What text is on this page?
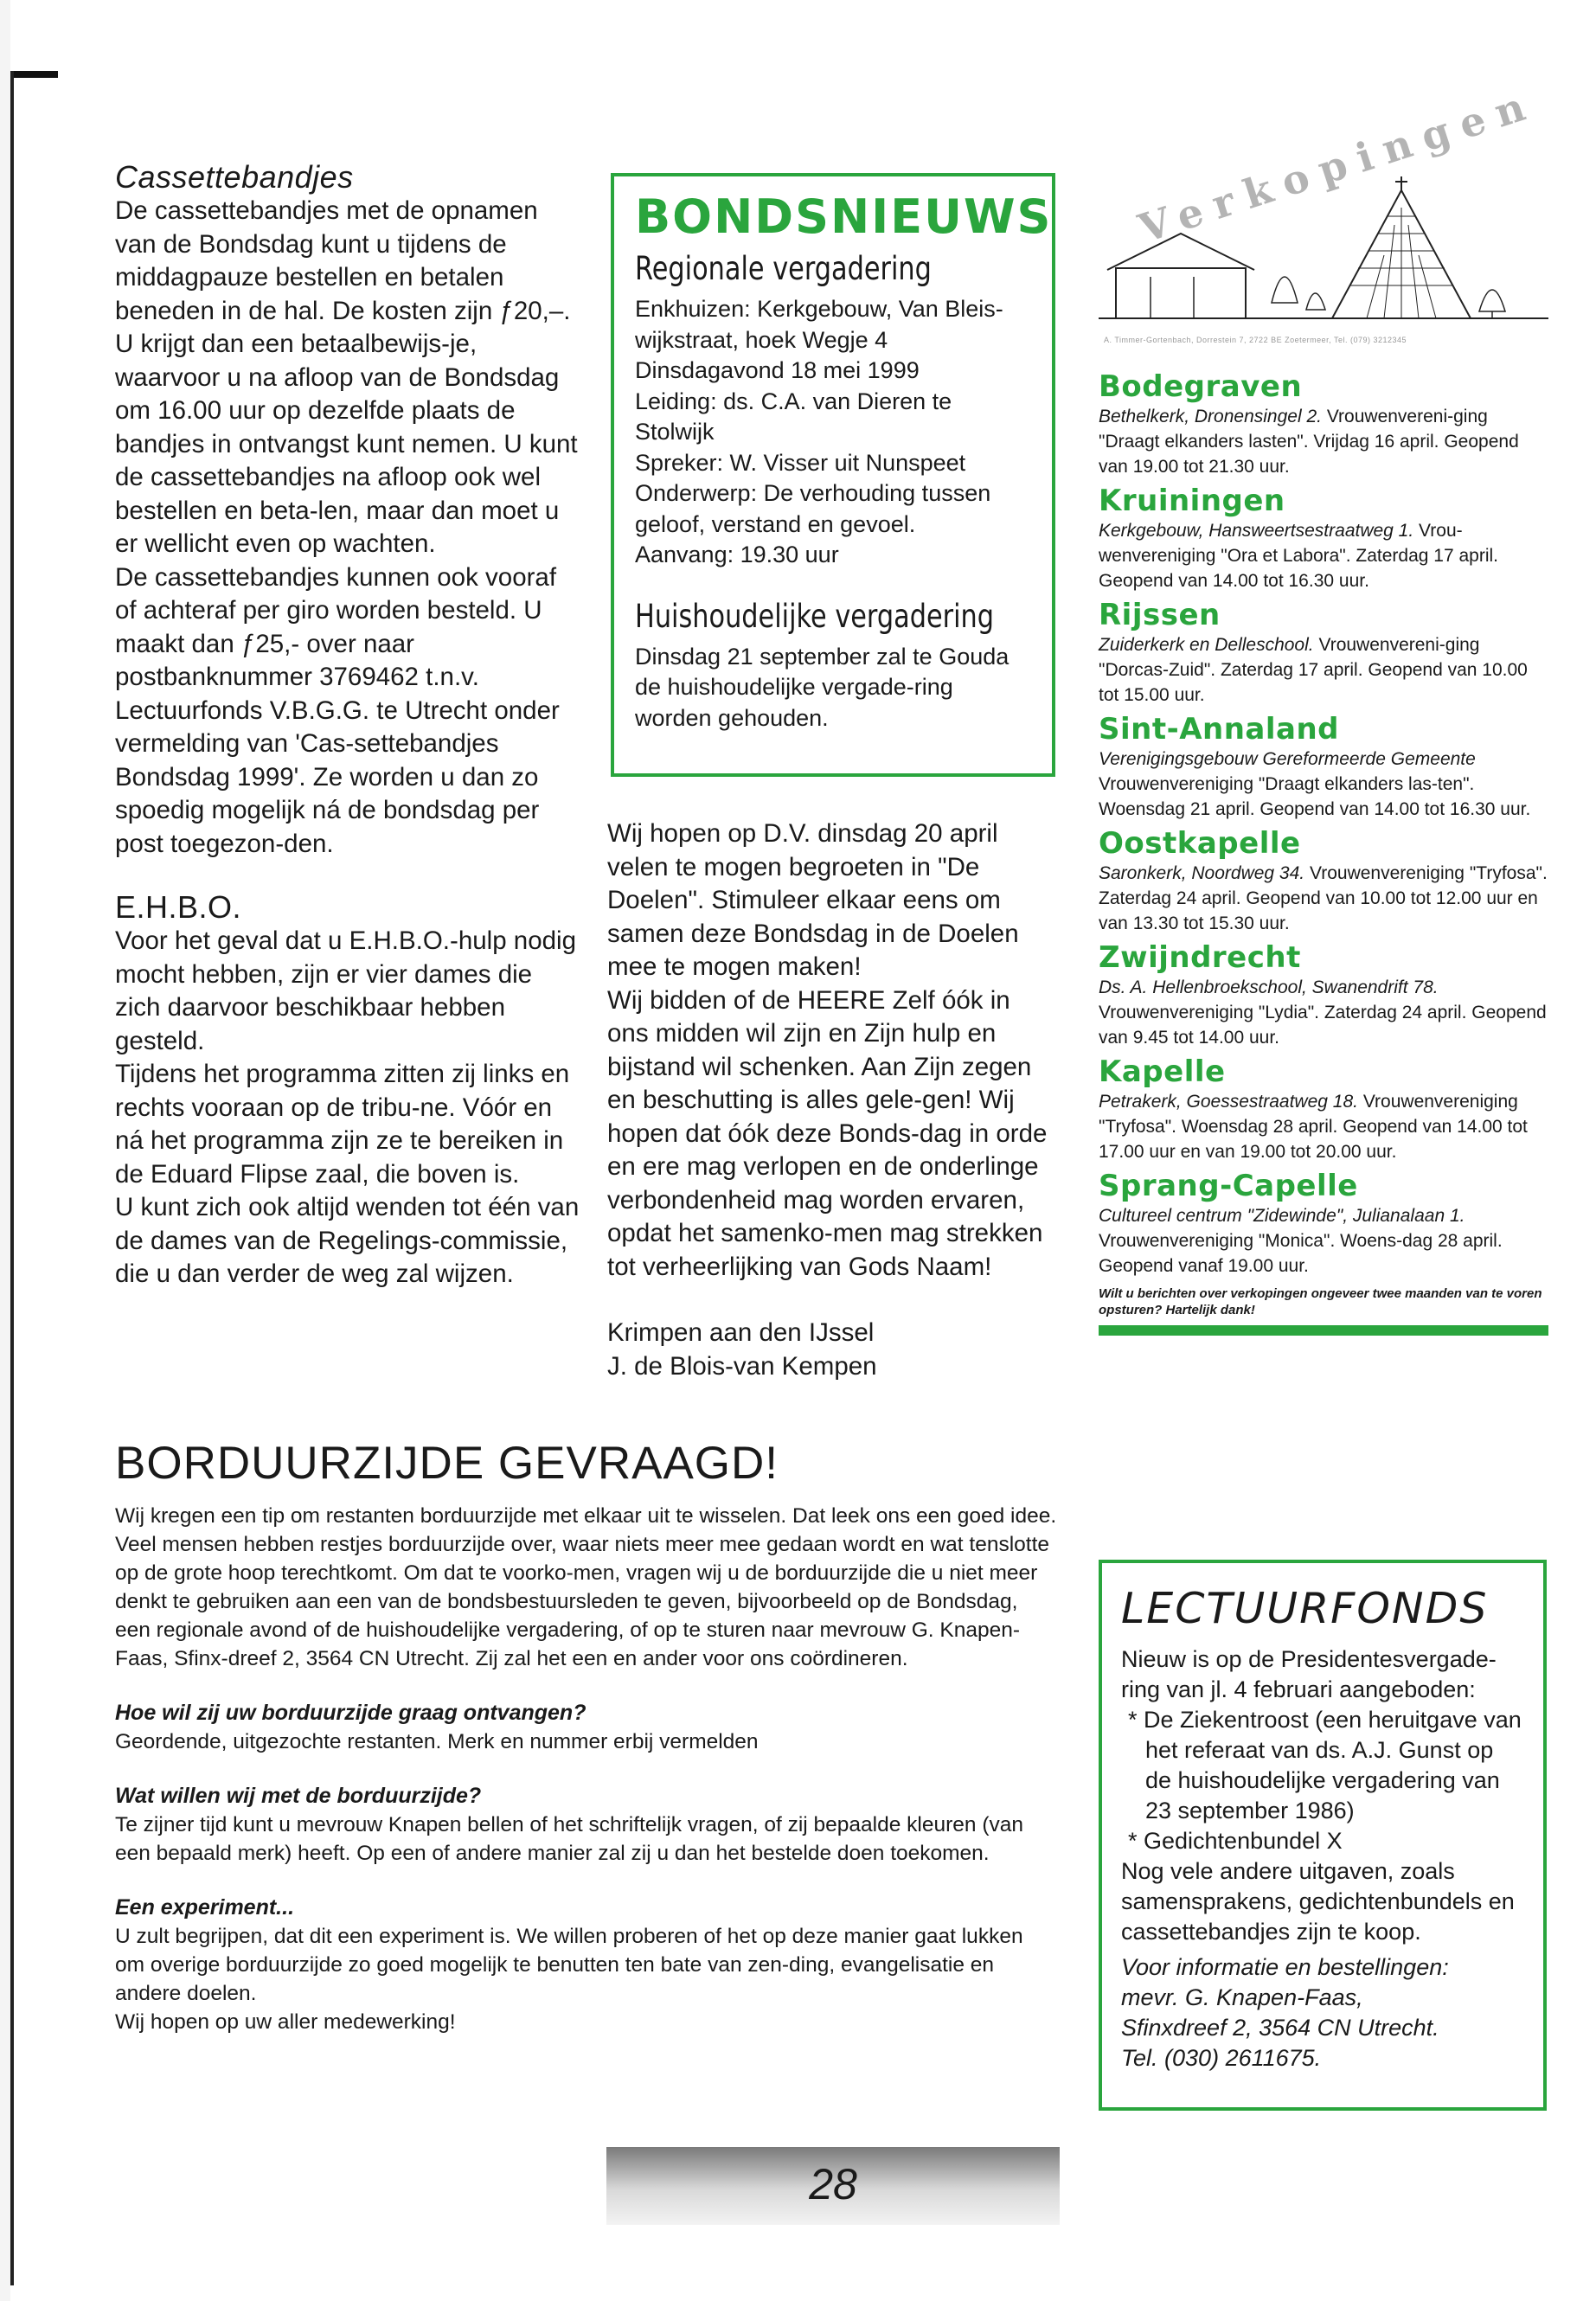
Cassettebandjes

De cassettebandjes met de opnamen van de Bondsdag kunt u tijdens de middagpauze bestellen en betalen beneden in de hal. De kosten zijn ƒ20,–. U krijgt dan een betaalbewijs-je, waarvoor u na afloop van de Bondsdag om 16.00 uur op dezelfde plaats de bandjes in ontvangst kunt nemen. U kunt de cassettebandjes na afloop ook wel bestellen en beta-len, maar dan moet u er wellicht even op wachten.

De cassettebandjes kunnen ook vooraf of achteraf per giro worden besteld. U maakt dan ƒ25,- over naar postbanknummer 3769462 t.n.v. Lectuurfonds V.B.G.G. te Utrecht onder vermelding van 'Cas-settebandjes Bondsdag 1999'. Ze worden u dan zo spoedig mogelijk ná de bondsdag per post toegezon-den.

E.H.B.O.

Voor het geval dat u E.H.B.O.-hulp nodig mocht hebben, zijn er vier dames die zich daarvoor beschikbaar hebben gesteld.

Tijdens het programma zitten zij links en rechts vooraan op de tribu-ne. Vóór en ná het programma zijn ze te bereiken in de Eduard Flipse zaal, die boven is.

U kunt zich ook altijd wenden tot één van de dames van de Regelings-commissie, die u dan verder de weg zal wijzen.

BONDSNIEUWS
Regionale vergadering

Enkhuizen: Kerkgebouw, Van Bleis-wijkstraat, hoek Wegje 4

Dinsdagavond 18 mei 1999

Leiding: ds. C.A. van Dieren te Stolwijk

Spreker: W. Visser uit Nunspeet

Onderwerp: De verhouding tussen geloof, verstand en gevoel.

Aanvang: 19.30 uur

Huishoudelijke vergadering

Dinsdag 21 september zal te Gouda de huishoudelijke vergade-ring worden gehouden.

Wij hopen op D.V. dinsdag 20 april velen te mogen begroeten in "De Doelen". Stimuleer elkaar eens om samen deze Bondsdag in de Doelen mee te mogen maken!

Wij bidden of de HEERE Zelf óók in ons midden wil zijn en Zijn hulp en bijstand wil schenken. Aan Zijn zegen en beschutting is alles gele-gen! Wij hopen dat óók deze Bonds-dag in orde en ere mag verlopen en de onderlinge verbondenheid mag worden ervaren, opdat het samenko-men mag strekken tot verheerlijking van Gods Naam!

Krimpen aan den IJssel

J. de Blois-van Kempen

Verkopingen
A. Timmer-Gortenbach, Dorrestein 7, 2722 BE Zoetermeer, Tel. (079) 3212345
Bodegraven

Bethelkerk, Dronensingel 2. Vrouwenvereni-ging "Draagt elkanders lasten". Vrijdag 16 april. Geopend van 19.00 tot 21.30 uur.

Kruiningen

Kerkgebouw, Hansweertsestraatweg 1. Vrou-wenvereniging "Ora et Labora". Zaterdag 17 april. Geopend van 14.00 tot 16.30 uur.

Rijssen

Zuiderkerk en Delleschool. Vrouwenvereni-ging "Dorcas-Zuid". Zaterdag 17 april. Geopend van 10.00 tot 15.00 uur.

Sint-Annaland

Verenigingsgebouw Gereformeerde Gemeente Vrouwenvereniging "Draagt elkanders las-ten". Woensdag 21 april. Geopend van 14.00 tot 16.30 uur.

Oostkapelle

Saronkerk, Noordweg 34. Vrouwenvereniging "Tryfosa". Zaterdag 24 april. Geopend van 10.00 tot 12.00 uur en van 13.30 tot 15.30 uur.

Zwijndrecht

Ds. A. Hellenbroekschool, Swanendrift 78. Vrouwenvereniging "Lydia". Zaterdag 24 april. Geopend van 9.45 tot 14.00 uur.

Kapelle

Petrakerk, Goessestraatweg 18. Vrouwenvereniging "Tryfosa". Woensdag 28 april. Geopend van 14.00 tot 17.00 uur en van 19.00 tot 20.00 uur.

Sprang-Capelle

Cultureel centrum "Zidewinde", Julianalaan 1. Vrouwenvereniging "Monica". Woens-dag 28 april. Geopend vanaf 19.00 uur.

Wilt u berichten over verkopingen ongeveer twee maanden van te voren opsturen? Hartelijk dank!
LECTUURFONDS

Nieuw is op de Presidentesvergade-ring van jl. 4 februari aangeboden:

* De Ziekentroost (een heruitgave van het referaat van ds. A.J. Gunst op de huishoudelijke vergadering van 23 september 1986)
* Gedichtenbundel X

Nog vele andere uitgaven, zoals samensprakens, gedichtenbundels en cassettebandjes zijn te koop.

Voor informatie en bestellingen:

mevr. G. Knapen-Faas,

Sfinxdreef 2, 3564 CN Utrecht.

Tel. (030) 2611675.

BORDUURZIJDE GEVRAAGD!

Wij kregen een tip om restanten borduurzijde met elkaar uit te wisselen. Dat leek ons een goed idee. Veel mensen hebben restjes borduurzijde over, waar niets meer mee gedaan wordt en wat tenslotte op de grote hoop terechtkomt. Om dat te voorko-men, vragen wij u de borduurzijde die u niet meer denkt te gebruiken aan een van de bondsbestuursleden te geven, bijvoorbeeld op de Bondsdag, een regionale avond of de huishoudelijke vergadering, of op te sturen naar mevrouw G. Knapen-Faas, Sfinx-dreef 2, 3564 CN Utrecht. Zij zal het een en ander voor ons coördineren.

Hoe wil zij uw borduurzijde graag ontvangen?

Geordende, uitgezochte restanten. Merk en nummer erbij vermelden

Wat willen wij met de borduurzijde?

Te zijner tijd kunt u mevrouw Knapen bellen of het schriftelijk vragen, of zij bepaalde kleuren (van een bepaald merk) heeft. Op een of andere manier zal zij u dan het bestelde doen toekomen.

Een experiment...

U zult begrijpen, dat dit een experiment is. We willen proberen of het op deze manier gaat lukken om overige borduurzijde zo goed mogelijk te benutten ten bate van zen-ding, evangelisatie en andere doelen.

Wij hopen op uw aller medewerking!

28
